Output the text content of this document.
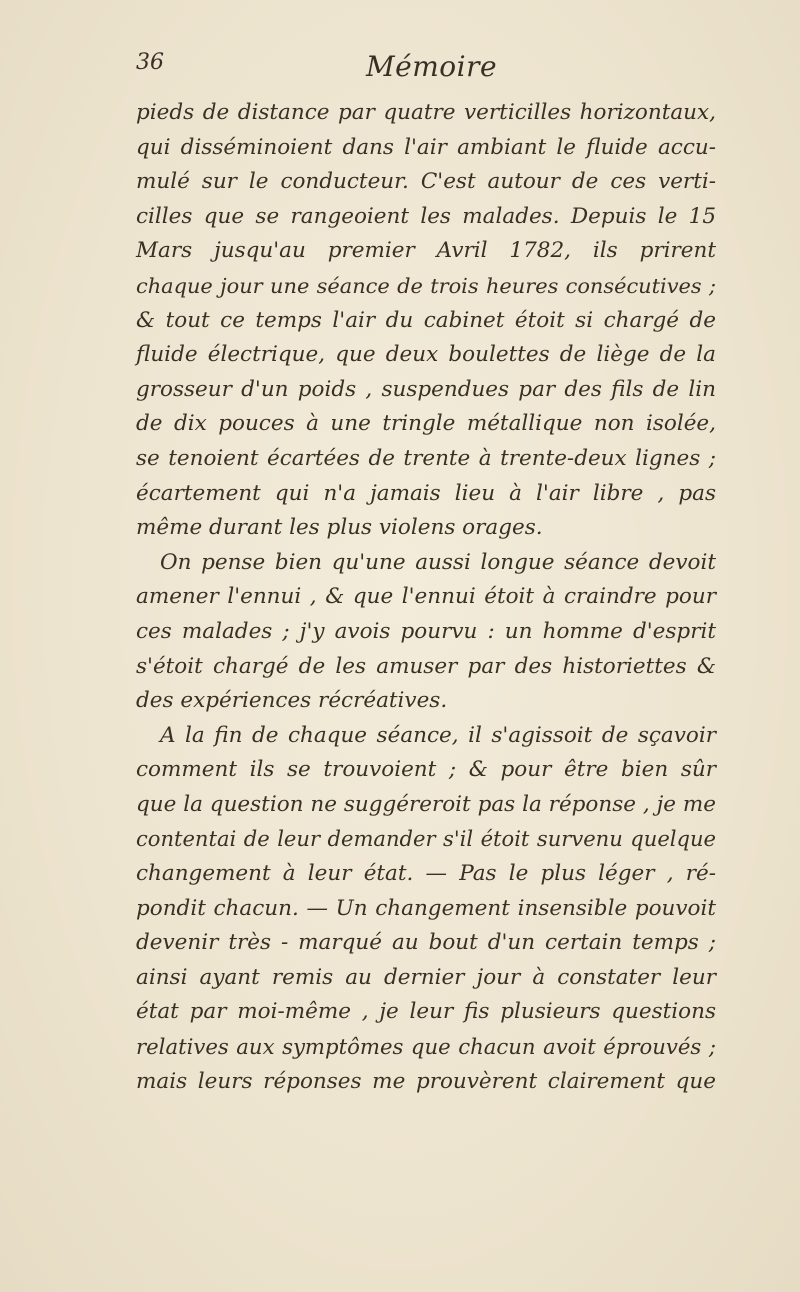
36	Mémoire
pieds de distance par quatre verticilles horizontaux,
qui disséminoient dans l'air ambiant le fluide accu-
mulé sur le conducteur. C'est autour de ces verti-
cilles que se rangeoient les malades. Depuis le 15
Mars jusqu'au premier Avril 1782, ils prirent
chaque jour une séance de trois heures consécutives ;
& tout ce temps l'air du cabinet étoit si chargé de
fluide électrique, que deux boulettes de liège de la
grosseur d'un poids , suspendues par des fils de lin
de dix pouces à une tringle métallique non isolée,
se tenoient écartées de trente à trente-deux lignes ;
écartement qui n'a jamais lieu à l'air libre , pas
même durant les plus violens orages.
On pense bien qu'une aussi longue séance devoit
amener l'ennui , & que l'ennui étoit à craindre pour
ces malades ; j'y avois pourvu : un homme d'esprit
s'étoit chargé de les amuser par des historiettes &
des expériences récréatives.
A la fin de chaque séance, il s'agissoit de sçavoir
comment ils se trouvoient ; & pour être bien sûr
que la question ne suggéreroit pas la réponse , je me
contentai de leur demander s'il étoit survenu quelque
changement à leur état. — Pas le plus léger , ré-
pondit chacun. — Un changement insensible pouvoit
devenir très - marqué au bout d'un certain temps ;
ainsi ayant remis au dernier jour à constater leur
état par moi-même , je leur fis plusieurs questions
relatives aux symptômes que chacun avoit éprouvés ;
mais leurs réponses me prouvèrent clairement que
